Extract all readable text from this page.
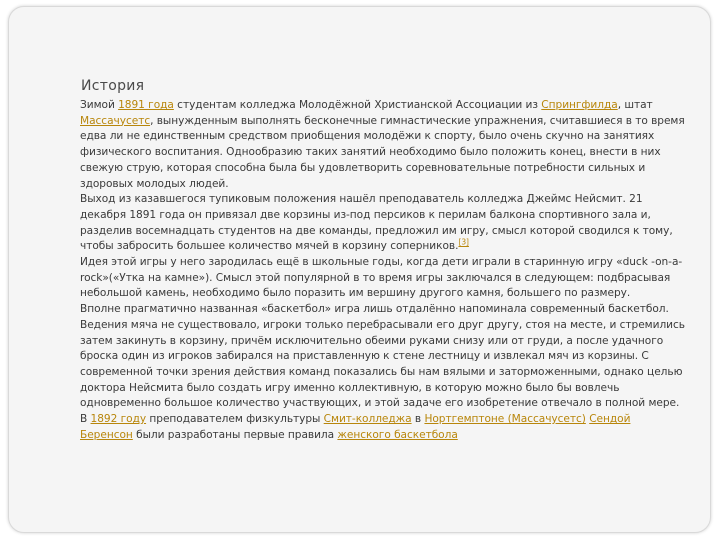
История

Зимой 1891 года студентам колледжа Молодёжной Христианской Ассоциации из Спрингфилда, штат Массачусетс, вынужденным выполнять бесконечные гимнастические упражнения, считавшиеся в то время едва ли не единственным средством приобщения молодёжи к спорту, было очень скучно на занятиях физического воспитания. Однообразию таких занятий необходимо было положить конец, внести в них свежую струю, которая способна была бы удовлетворить соревновательные потребности сильных и здоровых молодых людей.

Выход из казавшегося тупиковым положения нашёл преподаватель колледжа Джеймс Нейсмит. 21 декабря 1891 года он привязал две корзины из-под персиков к перилам балкона спортивного зала и, разделив восемнадцать студентов на две команды, предложил им игру, смысл которой сводился к тому, чтобы забросить большее количество мячей в корзину соперников.[3]

Идея этой игры у него зародилась ещё в школьные годы, когда дети играли в старинную игру «duck -on-a-rock»(«Утка на камне»). Смысл этой популярной в то время игры заключался в следующем: подбрасывая небольшой камень, необходимо было поразить им вершину другого камня, большего по размеру.

Вполне прагматично названная «баскетбол» игра лишь отдалённо напоминала современный баскетбол. Ведения мяча не существовало, игроки только перебрасывали его друг другу, стоя на месте, и стремились затем закинуть в корзину, причём исключительно обеими руками снизу или от груди, а после удачного броска один из игроков забирался на приставленную к стене лестницу и извлекал мяч из корзины. С современной точки зрения действия команд показались бы нам вялыми и заторможенными, однако целью доктора Нейсмита было создать игру именно коллективную, в которую можно было бы вовлечь одновременно большое количество участвующих, и этой задаче его изобретение отвечало в полной мере.

В 1892 году преподавателем физкультуры Смит-колледжа в Нортгемптоне (Массачусетс) Сендой Беренсон были разработаны первые правила женского баскетбола
